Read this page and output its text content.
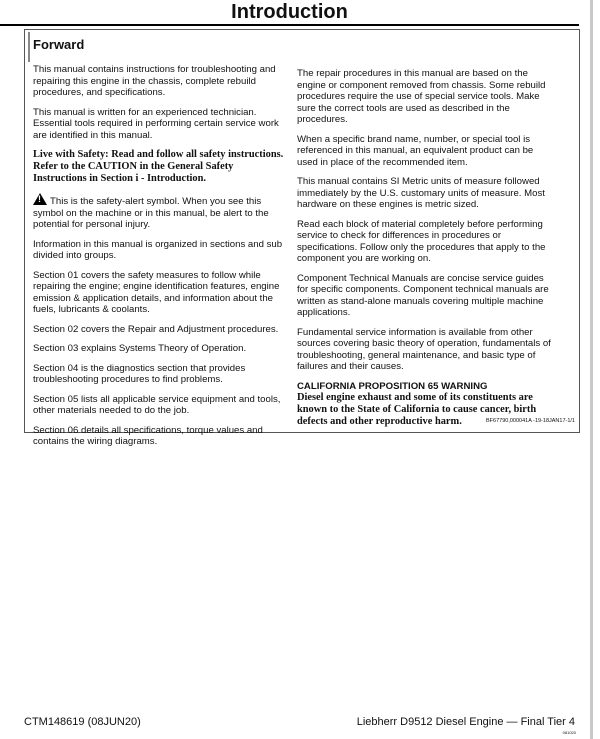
Introduction
Forward

This manual contains instructions for troubleshooting and repairing this engine in the chassis, complete rebuild procedures, and specifications.

This manual is written for an experienced technician. Essential tools required in performing certain service work are identified in this manual.

Live with Safety: Read and follow all safety instructions. Refer to the CAUTION in the General Safety Instructions in Section i - Introduction.

!This is the safety-alert symbol. When you see this symbol on the machine or in this manual, be alert to the potential for personal injury.

Information in this manual is organized in sections and sub divided into groups.

Section 01 covers the safety measures to follow while repairing the engine; engine identification features, engine emission & application details, and information about the fuels, lubricants & coolants.

Section 02 covers the Repair and Adjustment procedures.

Section 03 explains Systems Theory of Operation.

Section 04 is the diagnostics section that provides troubleshooting procedures to find problems.

Section 05 lists all applicable service equipment and tools, other materials needed to do the job.

Section 06 details all specifications, torque values and contains the wiring diagrams.

The repair procedures in this manual are based on the engine or component removed from chassis. Some rebuild procedures require the use of special service tools. Make sure the correct tools are used as described in the procedures.

When a specific brand name, number, or special tool is referenced in this manual, an equivalent product can be used in place of the recommended item.

This manual contains SI Metric units of measure followed immediately by the U.S. customary units of measure. Most hardware on these engines is metric sized.

Read each block of material completely before performing service to check for differences in procedures or specifications. Follow only the procedures that apply to the component you are working on.

Component Technical Manuals are concise service guides for specific components. Component technical manuals are written as stand-alone manuals covering multiple machine applications.

Fundamental service information is available from other sources covering basic theory of operation, fundamentals of troubleshooting, general maintenance, and basic type of failures and their causes.

CALIFORNIA PROPOSITION 65 WARNING
Diesel engine exhaust and some of its constituents are known to the State of California to cause cancer, birth defects and other reproductive harm.	BF67790,000041A -19-18JAN17-1/1
CTM148619 (08JUN20)	Liebherr D9512 Diesel Engine — Final Tier 4
081020
